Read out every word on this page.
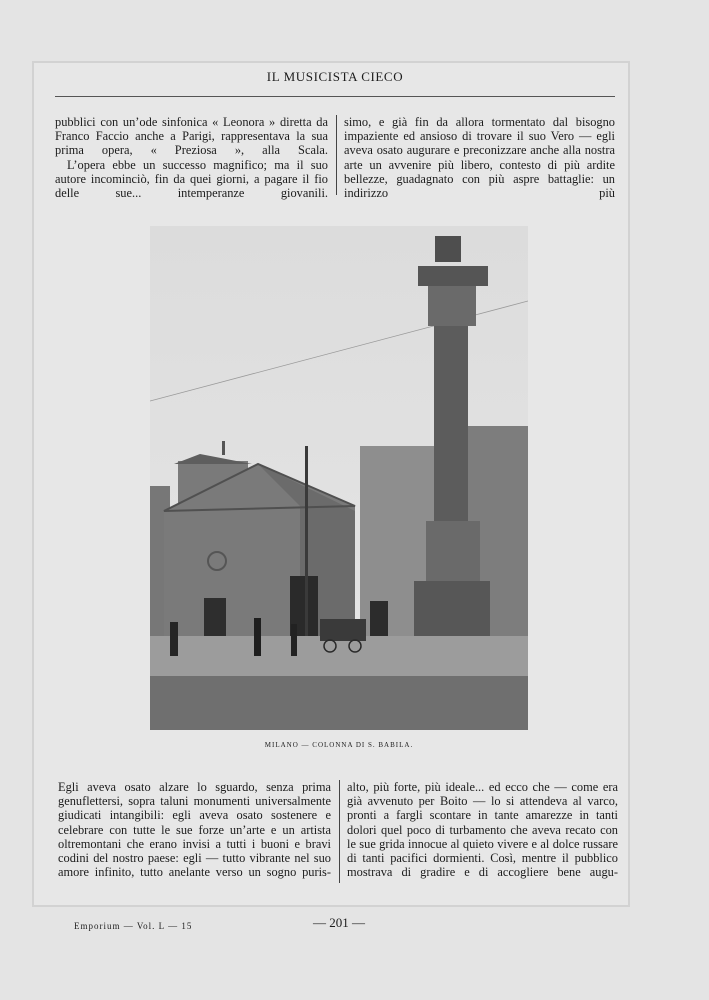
IL MUSICISTA CIECO

pubblici con un’ode sinfonica « Leonora » diretta da Franco Faccio anche a Parigi, rappresentava la sua prima opera, « Preziosa », alla Scala.

L’opera ebbe un successo magnifico; ma il suo autore incominciò, fin da quei giorni, a pagare il fio delle sue... intemperanze giovanili.

simo, e già fin da allora tormentato dal bisogno impaziente ed ansioso di trovare il suo Vero — egli aveva osato augurare e preconizzare anche alla nostra arte un avvenire più libero, contesto di più ardite bellezze, guadagnato con più aspre battaglie: un indirizzo più

MILANO — COLONNA DI S. BABILA.

Egli aveva osato alzare lo sguardo, senza prima genuflettersi, sopra taluni monumenti universalmente giudicati intangibili: egli aveva osato sostenere e celebrare con tutte le sue forze un’arte e un artista oltremontani che erano invisi a tutti i buoni e bravi codini del nostro paese: egli — tutto vibrante nel suo amore infinito, tutto anelante verso un sogno puris-

alto, più forte, più ideale... ed ecco che — come era già avvenuto per Boito — lo si attendeva al varco, pronti a fargli scontare in tante amarezze in tanti dolori quel poco di turbamento che aveva recato con le sue grida innocue al quieto vivere e al dolce russare di tanti pacifici dormienti. Così, mentre il pubblico mostrava di gradire e di accogliere bene augu-

Emporium — Vol. L — 15	— 201 —
